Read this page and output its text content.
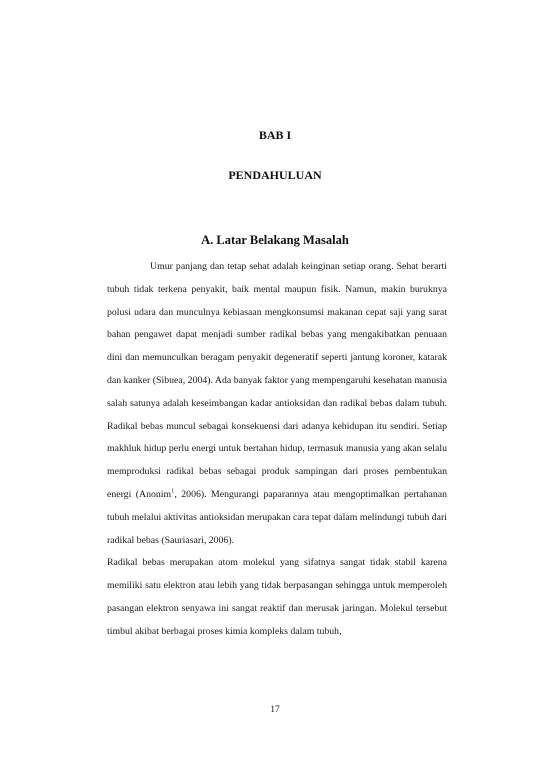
BAB I
PENDAHULUAN
A. Latar Belakang Masalah

Umur panjang dan tetap sehat adalah keinginan setiap orang. Sehat berarti tubuh tidak terkena penyakit, baik mental maupun fisik. Namun, makin buruknya polusi udara dan munculnya kebiasaan mengkonsumsi makanan cepat saji yang sarat bahan pengawet dapat menjadi sumber radikal bebas yang mengakibatkan penuaan dini dan memunculkan beragam penyakit degeneratif seperti jantung koroner, katarak dan kanker (Sibuea, 2004). Ada banyak faktor yang mempengaruhi kesehatan manusia salah satunya adalah keseimbangan kadar antioksidan dan radikal bebas dalam tubuh. Radikal bebas muncul sebagai konsekuensi dari adanya kehidupan itu sendiri. Setiap makhluk hidup perlu energi untuk bertahan hidup, termasuk manusia yang akan selalu memproduksi radikal bebas sebagai produk sampingan dari proses pembentukan energi (Anonim$^1$, 2006). Mengurangi paparannya atau mengoptimalkan pertahanan tubuh melalui aktivitas antioksidan merupakan cara tepat dalam melindungi tubuh dari radikal bebas (Sauriasari, 2006).

Radikal bebas merupakan atom molekul yang sifatnya sangat tidak stabil karena memiliki satu elektron atau lebih yang tidak berpasangan sehingga untuk memperoleh pasangan elektron senyawa ini sangat reaktif dan merusak jaringan. Molekul tersebut timbul akibat berbagai proses kimia kompleks dalam tubuh,

17
